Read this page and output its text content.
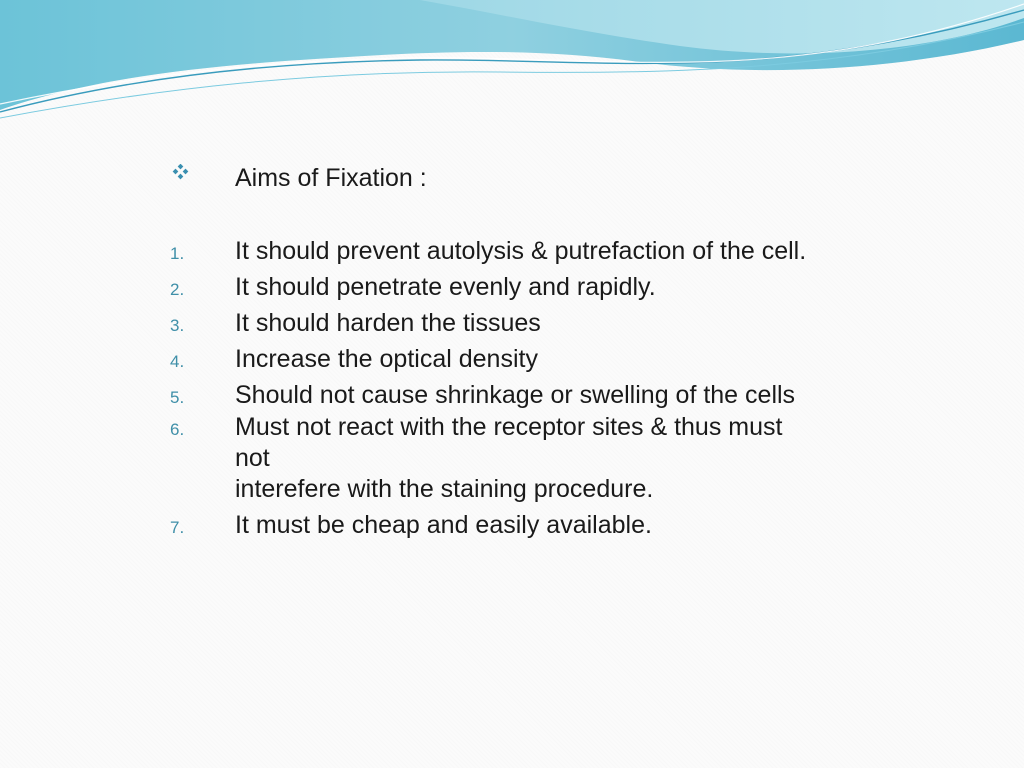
Aims of Fixation :
1. It should prevent autolysis & putrefaction of the cell.
2. It should penetrate evenly and rapidly.
3. It should harden the tissues
4. Increase the optical density
5. Should not cause shrinkage or swelling of the cells
6. Must not react with the receptor sites & thus must
not
interefere with the staining procedure.
7. It must be cheap and easily available.
